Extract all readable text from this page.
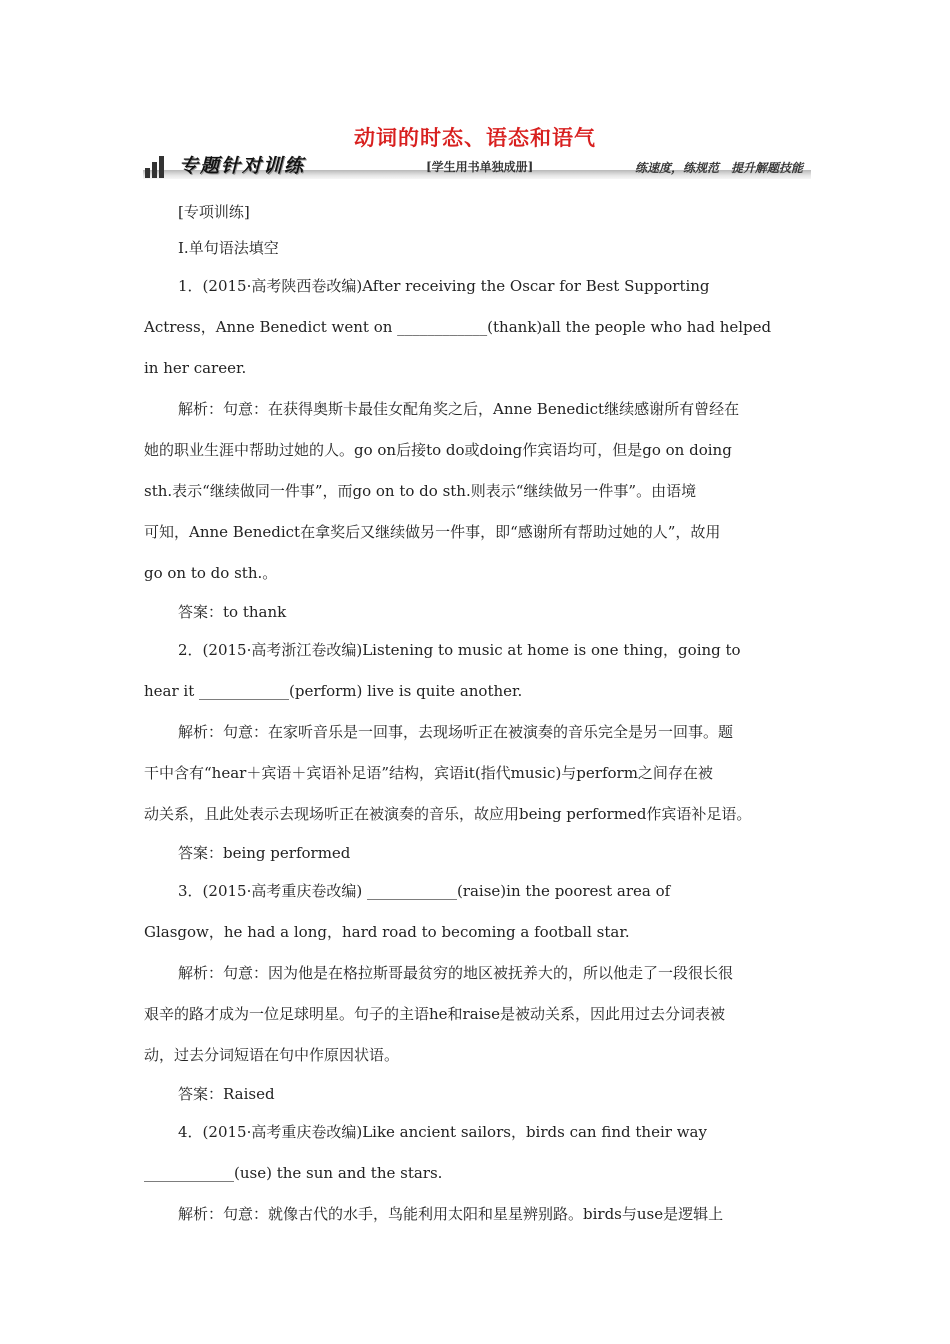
动词的时态、语态和语气
专题针对训练	[学生用书单独成册]	练速度，练规范　提升解题技能

[专项训练]

Ⅰ.单句语法填空

1．(2015·高考陕西卷改编)After receiving the Oscar for Best Supporting

Actress，Anne Benedict went on ____________(thank)all the people who had helped

in her career.

解析：句意：在获得奥斯卡最佳女配角奖之后，Anne Benedict继续感谢所有曾经在

她的职业生涯中帮助过她的人。go on后接to do或doing作宾语均可，但是go on doing

sth.表示“继续做同一件事”，而go on to do sth.则表示“继续做另一件事”。由语境

可知，Anne Benedict在拿奖后又继续做另一件事，即“感谢所有帮助过她的人”，故用

go on to do sth.。

答案：to thank

2．(2015·高考浙江卷改编)Listening to music at home is one thing，going to

hear it ____________(perform) live is quite another.

解析：句意：在家听音乐是一回事，去现场听正在被演奏的音乐完全是另一回事。题

干中含有“hear＋宾语＋宾语补足语”结构，宾语it(指代music)与perform之间存在被

动关系，且此处表示去现场听正在被演奏的音乐，故应用being performed作宾语补足语。

答案：being performed

3．(2015·高考重庆卷改编) ____________(raise)in the poorest area of

Glasgow，he had a long，hard road to becoming a football star.

解析：句意：因为他是在格拉斯哥最贫穷的地区被抚养大的，所以他走了一段很长很

艰辛的路才成为一位足球明星。句子的主语he和raise是被动关系，因此用过去分词表被

动，过去分词短语在句中作原因状语。

答案：Raised

4．(2015·高考重庆卷改编)Like ancient sailors，birds can find their way

____________(use) the sun and the stars.

解析：句意：就像古代的水手，鸟能利用太阳和星星辨别路。birds与use是逻辑上
